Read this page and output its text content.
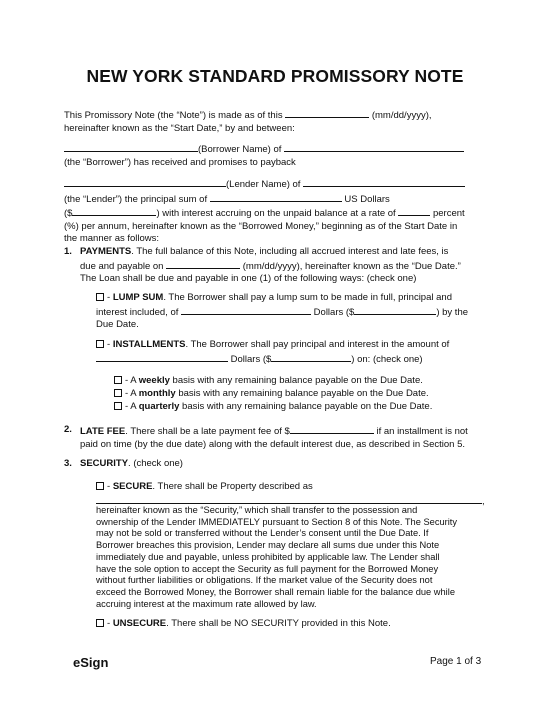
NEW YORK STANDARD PROMISSORY NOTE
This Promissory Note (the “Note”) is made as of this	(mm/dd/yyyy),
hereinafter known as the “Start Date,” by and between:
(Borrower Name) of
(the “Borrower”) has received and promises to payback
(Lender Name) of
(the “Lender”) the principal sum of	US Dollars
($	) with interest accruing on the unpaid balance at a rate of	percent
(%) per annum, hereinafter known as the “Borrowed Money,” beginning as of the Start Date in
the manner as follows:
1. PAYMENTS. The full balance of this Note, including all accrued interest and late fees, is
due and payable on	(mm/dd/yyyy), hereinafter known as the “Due Date.”
The Loan shall be due and payable in one (1) of the following ways: (check one)
- LUMP SUM. The Borrower shall pay a lump sum to be made in full, principal and
interest included, of	Dollars ($	) by the
Due Date.
- INSTALLMENTS. The Borrower shall pay principal and interest in the amount of
Dollars ($	) on: (check one)
- A weekly basis with any remaining balance payable on the Due Date.
- A monthly basis with any remaining balance payable on the Due Date.
- A quarterly basis with any remaining balance payable on the Due Date.
2. LATE FEE. There shall be a late payment fee of $	if an installment is not
paid on time (by the due date) along with the default interest due, as described in Section 5.
3. SECURITY. (check one)
- SECURE. There shall be Property described as
,
hereinafter known as the “Security,” which shall transfer to the possession and
ownership of the Lender IMMEDIATELY pursuant to Section 8 of this Note. The Security
may not be sold or transferred without the Lender’s consent until the Due Date. If
Borrower breaches this provision, Lender may declare all sums due under this Note
immediately due and payable, unless prohibited by applicable law. The Lender shall
have the sole option to accept the Security as full payment for the Borrowed Money
without further liabilities or obligations. If the market value of the Security does not
exceed the Borrowed Money, the Borrower shall remain liable for the balance due while
accruing interest at the maximum rate allowed by law.
- UNSECURE. There shall be NO SECURITY provided in this Note.
eSign	Page 1 of 3
